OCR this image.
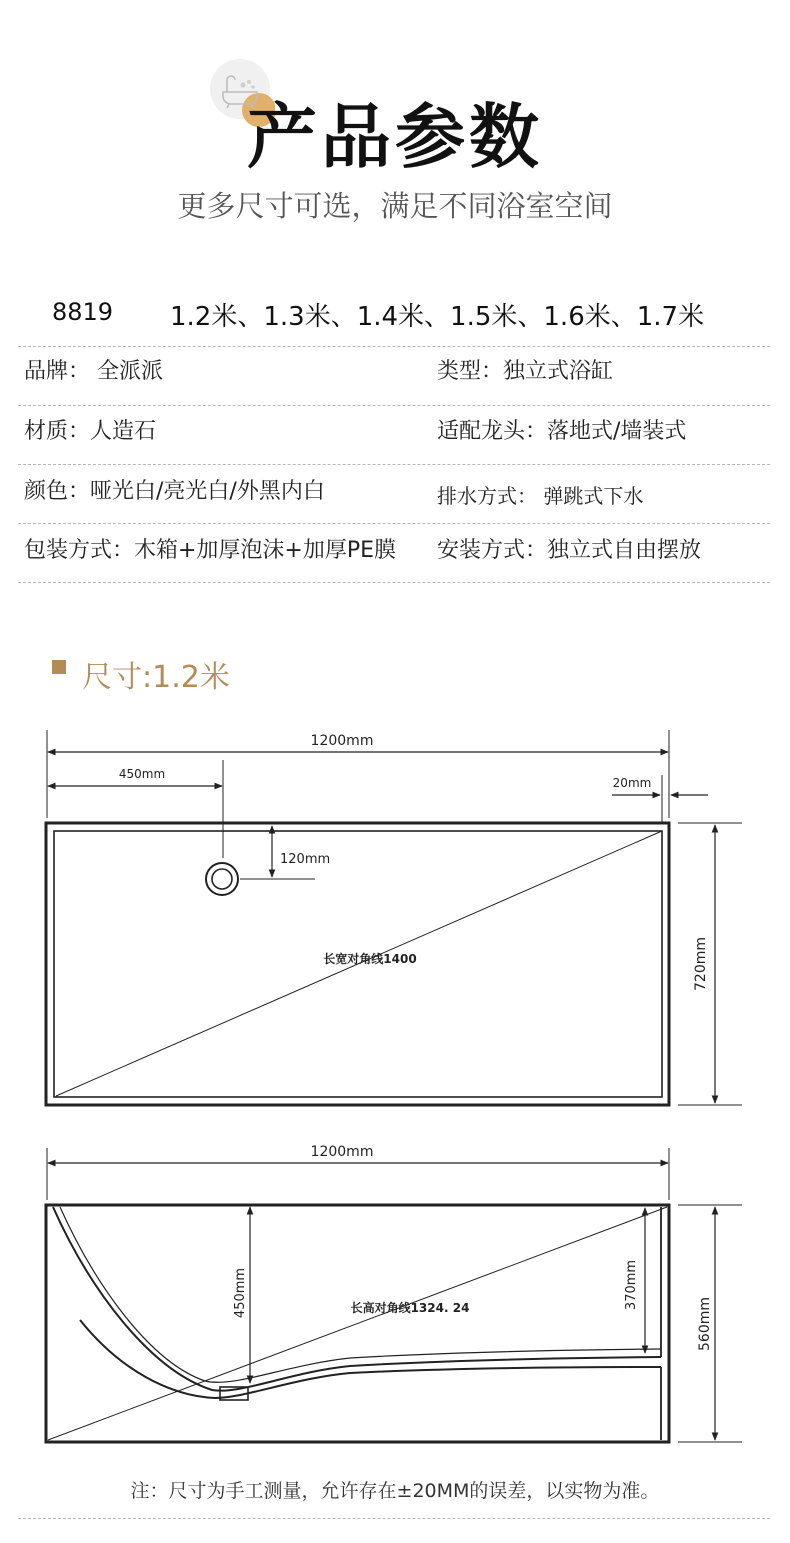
产品参数
更多尺寸可选，满足不同浴室空间
8819 1.2米、1.3米、1.4米、1.5米、1.6米、1.7米
品牌： 全派派	类型：独立式浴缸
材质：人造石	适配龙头：落地式/墙装式
颜色：哑光白/亮光白/外黑内白	排水方式： 弹跳式下水
包装方式：木箱+加厚泡沫+加厚PE膜 安装方式：独立式自由摆放
尺寸:1.2米
1200mm
450mm
20mm
120mm
长宽对角线1400	720mm
1200mm
450mm	长高对角线1324. 24	370mm
560mm
注：尺寸为手工测量，允许存在±20MM的误差，以实物为准。
